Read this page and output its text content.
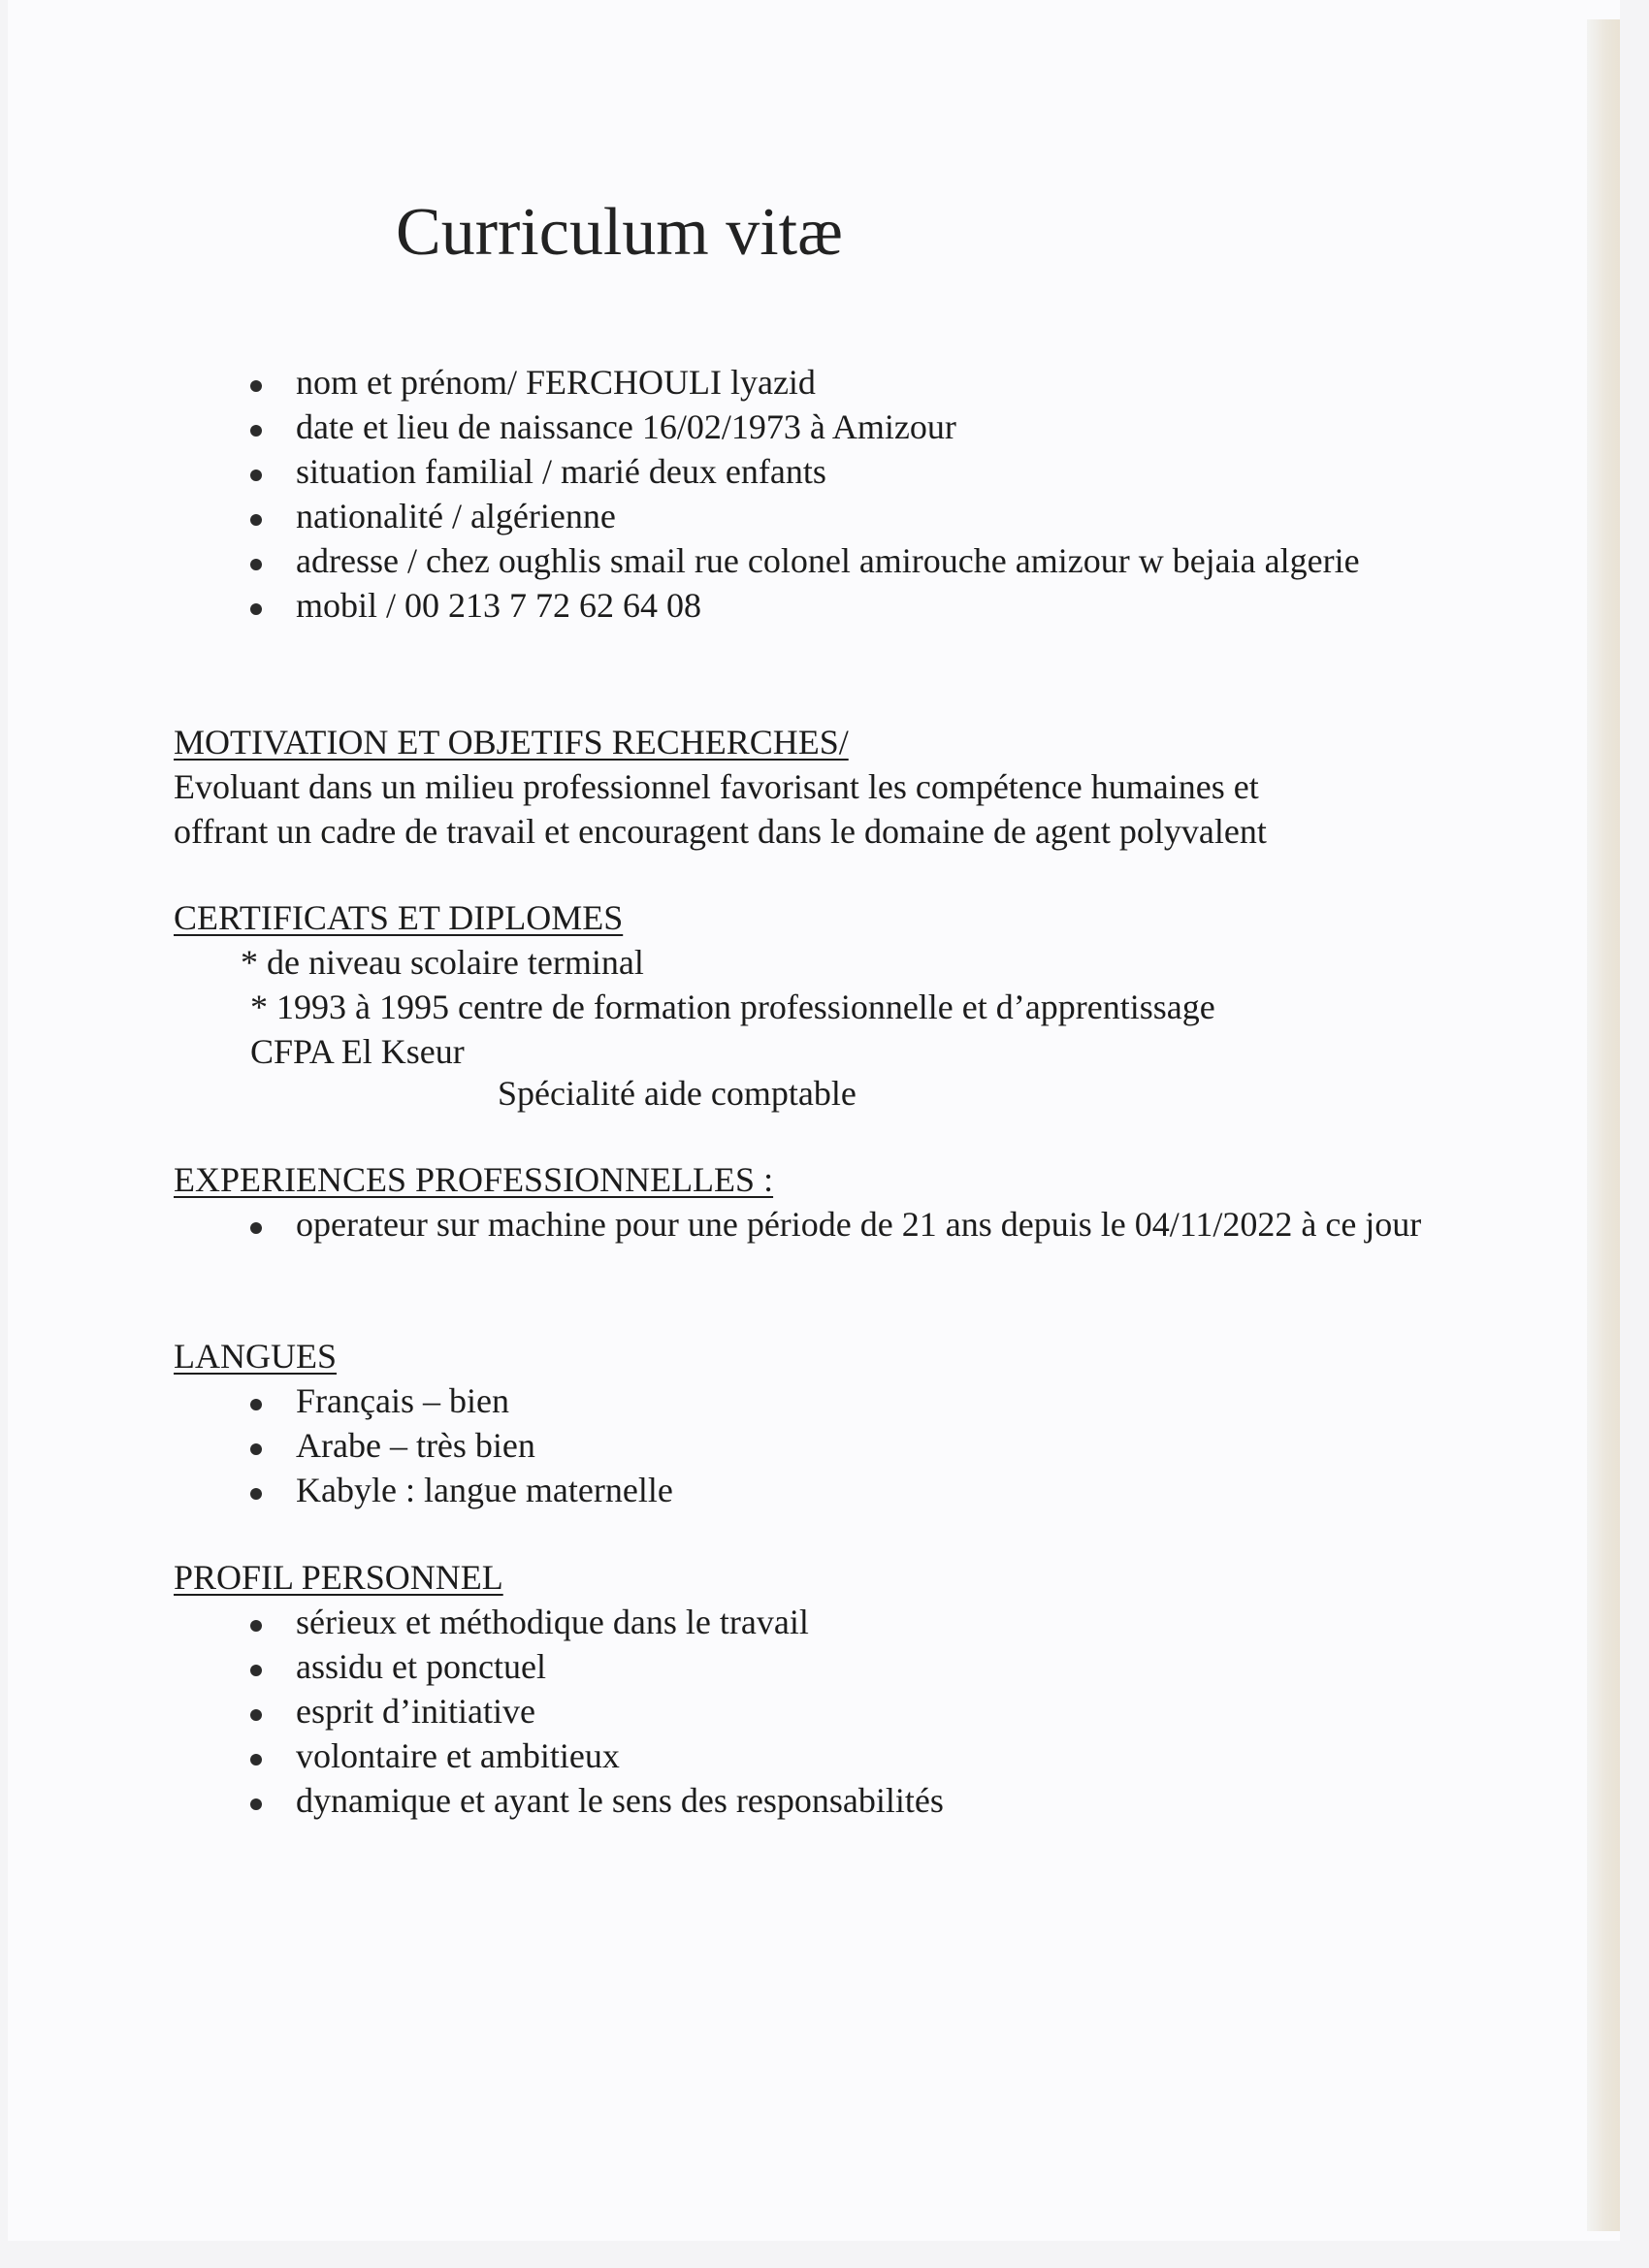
Curriculum vitæ
nom et prénom/ FERCHOULI lyazid
date et lieu de naissance 16/02/1973 à Amizour
situation familial / marié deux enfants
nationalité / algérienne
adresse / chez oughlis smail rue colonel amirouche amizour w bejaia algerie
mobil / 00 213 7 72 62 64 08
MOTIVATION ET OBJETIFS RECHERCHES/

Evoluant dans un milieu professionnel favorisant les compétence humaines et

offrant un cadre de travail et encouragent dans le domaine de agent polyvalent

CERTIFICATS ET DIPLOMES

* de niveau scolaire terminal

* 1993 à 1995 centre de formation professionnelle et d’apprentissage

CFPA El Kseur

Spécialité aide comptable

EXPERIENCES PROFESSIONNELLES :
operateur sur machine pour une période de 21 ans depuis le 04/11/2022 à ce jour
LANGUES
Français – bien
Arabe – très bien
Kabyle : langue maternelle
PROFIL PERSONNEL
sérieux et méthodique dans le travail
assidu et ponctuel
esprit d’initiative
volontaire et ambitieux
dynamique et ayant le sens des responsabilités
